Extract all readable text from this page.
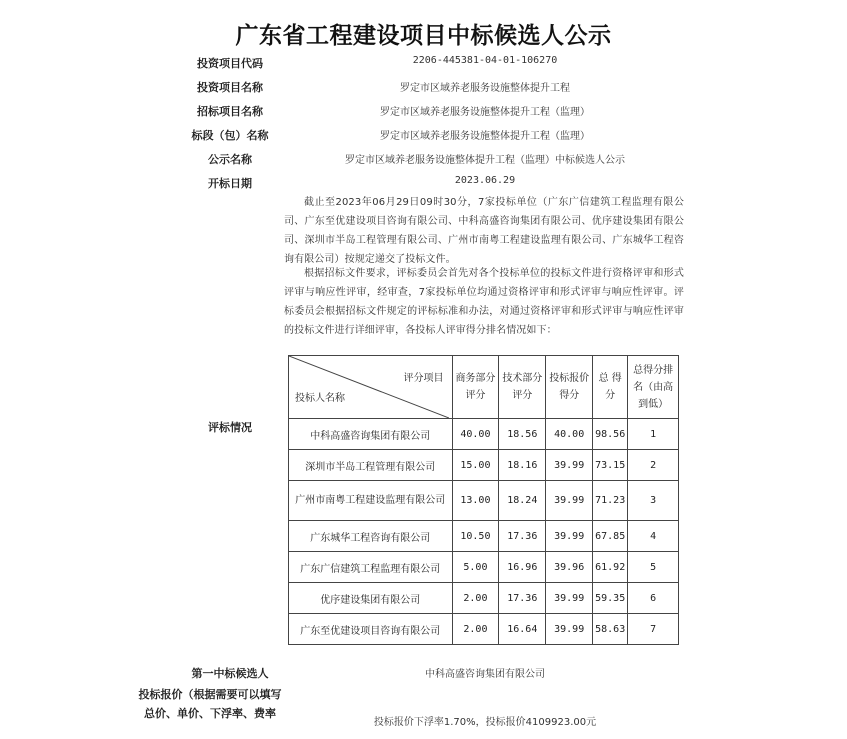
广东省工程建设项目中标候选人公示
投资项目代码	2206-445381-04-01-106270
投资项目名称	罗定市区域养老服务设施整体提升工程
招标项目名称	罗定市区域养老服务设施整体提升工程（监理）
标段（包）名称	罗定市区域养老服务设施整体提升工程（监理）
公示名称	罗定市区域养老服务设施整体提升工程（监理）中标候选人公示
开标日期	2023.06.29
评标情况
截止至2023年06月29日09时30分，7家投标单位（广东广信建筑工程监理有限公司、广东至优建设项目咨询有限公司、中科高盛咨询集团有限公司、优序建设集团有限公司、深圳市半岛工程管理有限公司、广州市南粤工程建设监理有限公司、广东城华工程咨询有限公司）按规定递交了投标文件。
根据招标文件要求，评标委员会首先对各个投标单位的投标文件进行资格评审和形式评审与响应性评审，经审查，7家投标单位均通过资格评审和形式评审与响应性评审。评标委员会根据招标文件规定的评标标准和办法，对通过资格评审和形式评审与响应性评审的投标文件进行详细评审，各投标人评审得分排名情况如下：
评分项目
投标人名称	商务部分评分	技术部分评分	投标报价得分	总 得 分	总得分排名（由高到低）
中科高盛咨询集团有限公司	40.00	18.56	40.00	98.56	1
深圳市半岛工程管理有限公司	15.00	18.16	39.99	73.15	2
广州市南粤工程建设监理有限公司	13.00	18.24	39.99	71.23	3
广东城华工程咨询有限公司	10.50	17.36	39.99	67.85	4
广东广信建筑工程监理有限公司	5.00	16.96	39.96	61.92	5
优序建设集团有限公司	2.00	17.36	39.99	59.35	6
广东至优建设项目咨询有限公司	2.00	16.64	39.99	58.63	7
第一中标候选人	中科高盛咨询集团有限公司
投标报价（根据需要可以填写总价、单价、下浮率、费率
投标报价下浮率1.70%，投标报价4109923.00元
